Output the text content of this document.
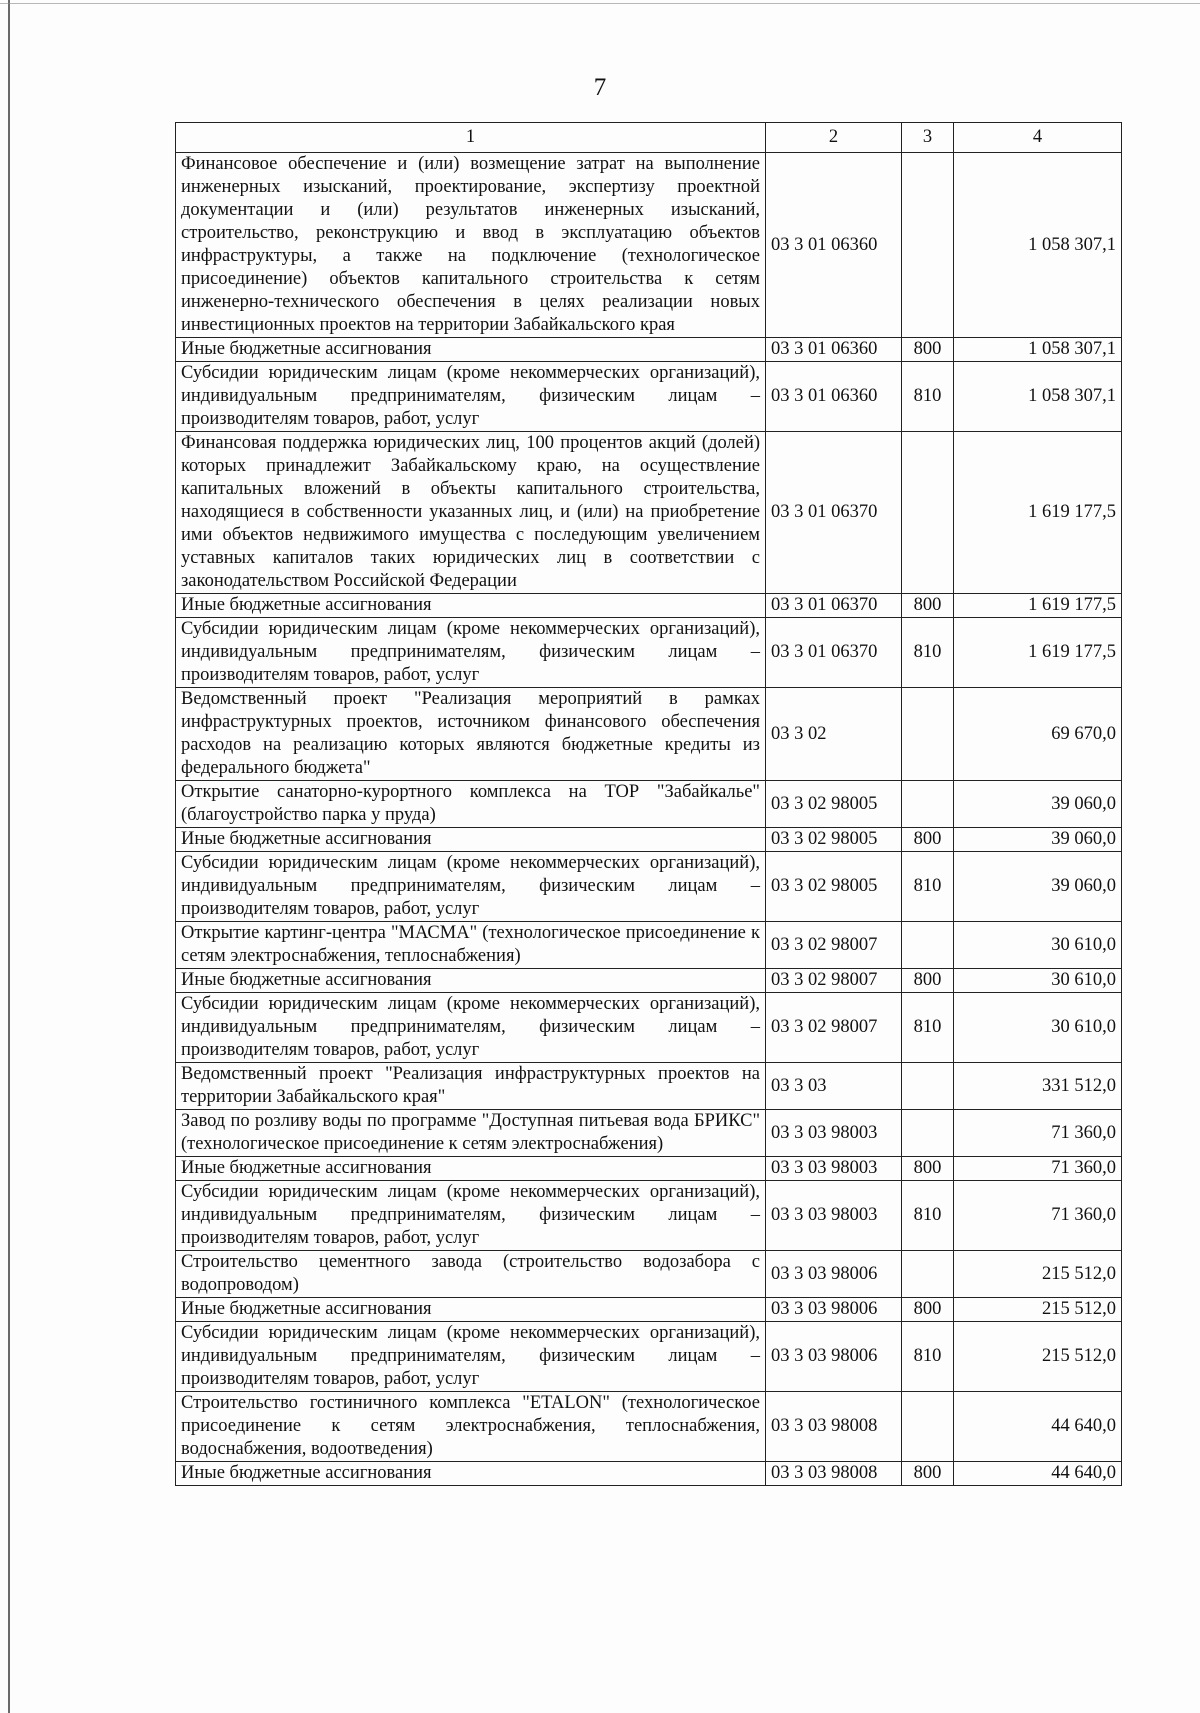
7
1	2	3	4
Финансовое обеспечение и (или) возмещение затрат на выполнение инженерных изысканий, проектирование, экспертизу проектной документации и (или) результатов инженерных изысканий, строительство, реконструкцию и ввод в эксплуатацию объектов инфраструктуры, а также на подключение (технологическое присоединение) объектов капитального строительства к сетям инженерно-технического обеспечения в целях реализации новых инвестиционных проектов на территории Забайкальского края	03 3 01 06360		1 058 307,1
Иные бюджетные ассигнования	03 3 01 06360	800	1 058 307,1
Субсидии юридическим лицам (кроме некоммерческих организаций), индивидуальным предпринимателям, физическим лицам – производителям товаров, работ, услуг	03 3 01 06360	810	1 058 307,1
Финансовая поддержка юридических лиц, 100 процентов акций (долей) которых принадлежит Забайкальскому краю, на осуществление капитальных вложений в объекты капитального строительства, находящиеся в собственности указанных лиц, и (или) на приобретение ими объектов недвижимого имущества с последующим увеличением уставных капиталов таких юридических лиц в соответствии с законодательством Российской Федерации	03 3 01 06370		1 619 177,5
Иные бюджетные ассигнования	03 3 01 06370	800	1 619 177,5
Субсидии юридическим лицам (кроме некоммерческих организаций), индивидуальным предпринимателям, физическим лицам – производителям товаров, работ, услуг	03 3 01 06370	810	1 619 177,5
Ведомственный проект "Реализация мероприятий в рамках инфраструктурных проектов, источником финансового обеспечения расходов на реализацию которых являются бюджетные кредиты из федерального бюджета"	03 3 02		69 670,0
Открытие санаторно-курортного комплекса на ТОР "Забайкалье" (благоустройство парка у пруда)	03 3 02 98005		39 060,0
Иные бюджетные ассигнования	03 3 02 98005	800	39 060,0
Субсидии юридическим лицам (кроме некоммерческих организаций), индивидуальным предпринимателям, физическим лицам – производителям товаров, работ, услуг	03 3 02 98005	810	39 060,0
Открытие картинг-центра "МАСМА" (технологическое присоединение к сетям электроснабжения, теплоснабжения)	03 3 02 98007		30 610,0
Иные бюджетные ассигнования	03 3 02 98007	800	30 610,0
Субсидии юридическим лицам (кроме некоммерческих организаций), индивидуальным предпринимателям, физическим лицам – производителям товаров, работ, услуг	03 3 02 98007	810	30 610,0
Ведомственный проект "Реализация инфраструктурных проектов на территории Забайкальского края"	03 3 03		331 512,0
Завод по розливу воды по программе "Доступная питьевая вода БРИКС" (технологическое присоединение к сетям электроснабжения)	03 3 03 98003		71 360,0
Иные бюджетные ассигнования	03 3 03 98003	800	71 360,0
Субсидии юридическим лицам (кроме некоммерческих организаций), индивидуальным предпринимателям, физическим лицам – производителям товаров, работ, услуг	03 3 03 98003	810	71 360,0
Строительство цементного завода (строительство водозабора с водопроводом)	03 3 03 98006		215 512,0
Иные бюджетные ассигнования	03 3 03 98006	800	215 512,0
Субсидии юридическим лицам (кроме некоммерческих организаций), индивидуальным предпринимателям, физическим лицам – производителям товаров, работ, услуг	03 3 03 98006	810	215 512,0
Строительство гостиничного комплекса "ETALON" (технологическое присоединение к сетям электроснабжения, теплоснабжения, водоснабжения, водоотведения)	03 3 03 98008		44 640,0
Иные бюджетные ассигнования	03 3 03 98008	800	44 640,0
